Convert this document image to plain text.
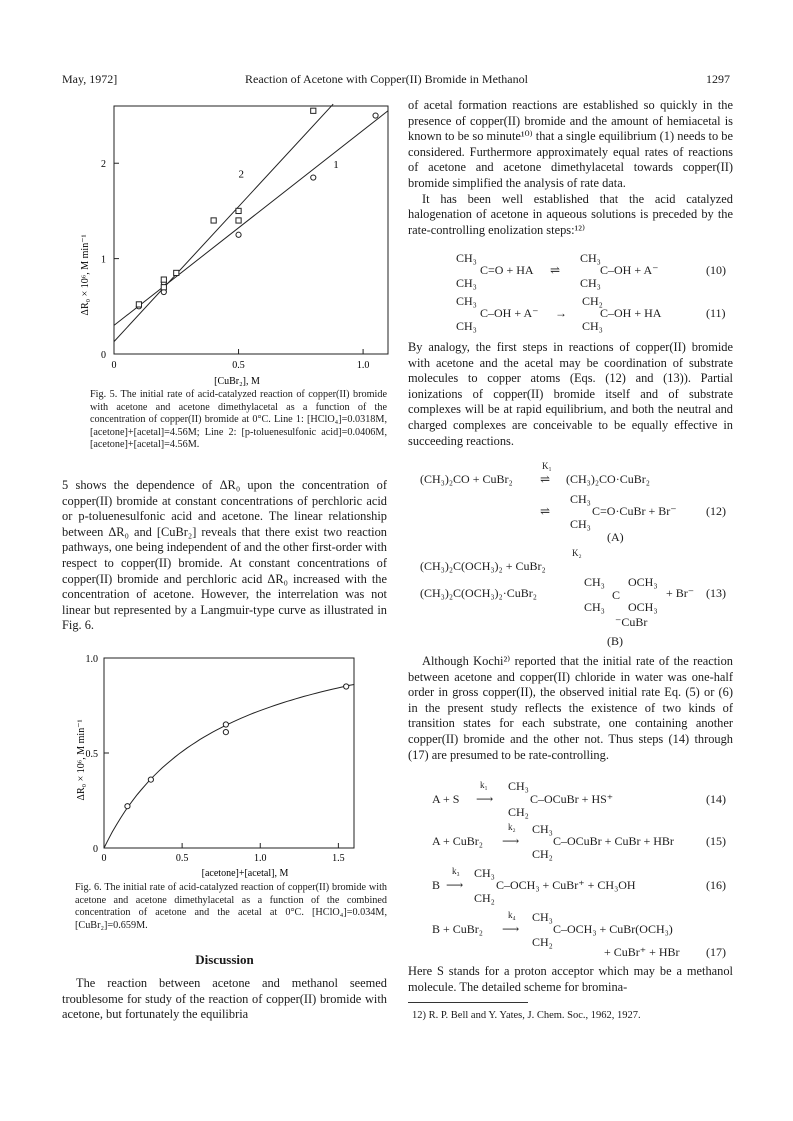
May, 1972]	Reaction of Acetone with Copper(II) Bromide in Methanol	1297
0	0.5	1.0
0
1
2	1
2
ΔR₀ × 10⁶, M min⁻¹
[CuBr₂], M
Fig. 5. The initial rate of acid-catalyzed reaction of copper(II) bromide with acetone and acetone dimethylacetal as a function of the concentration of copper(II) bromide at 0°C. Line 1: [HClO₄]=0.0318M, [acetone]+[acetal]=4.56M; Line 2: [p-toluenesulfonic acid]=0.0406M, [acetone]+[acetal]=4.56M.

5 shows the dependence of ΔR₀ upon the concentration of copper(II) bromide at constant concentrations of perchloric acid or p-toluenesulfonic acid and acetone. The linear relationship between ΔR₀ and [CuBr₂] reveals that there exist two reaction pathways, one being independent of and the other first-order with respect to copper(II) bromide. At constant concentrations of copper(II) bromide and perchloric acid ΔR₀ increased with the concentration of acetone. However, the interrelation was not linear but represented by a Langmuir-type curve as illustrated in Fig. 6.

0	0.5	1.0	1.5
0
0.5
1.0
ΔR₀ × 10⁶, M min⁻¹
[acetone]+[acetal], M
Fig. 6. The initial rate of acid-catalyzed reaction of copper(II) bromide with acetone and acetone dimethylacetal as a function of the combined concentration of acetone and the acetal at 0°C. [HClO₄]=0.034M, [CuBr₂]=0.659M.
Discussion

The reaction between acetone and methanol seemed troublesome for study of the reaction of copper(II) bromide with acetone, but fortunately the equilibria

of acetal formation reactions are established so quickly in the presence of copper(II) bromide and the amount of hemiacetal is known to be so minute¹⁰⁾ that a single equilibrium (1) needs to be considered. Furthermore approximately equal rates of reactions of acetone and acetone dimethylacetal towards copper(II) bromide simplified the analysis of rate data.

It has been well established that the acid catalyzed halogenation of acetone in aqueous solutions is preceded by the rate-controlling enolization steps:¹²⁾

CH₃
C=O + HA
CH₃
⇌
CH₃
C–OH + A⁻
CH₃
(10)
CH₃
C–OH + A⁻
CH₃
→
CH₂
C–OH + HA
CH₃
(11)

By analogy, the first steps in reactions of copper(II) bromide with acetone and the acetal may be coordination of substrate molecules to copper atoms (Eqs. (12) and (13)). Partial ionizations of copper(II) bromide itself and of substrate complexes will be at rapid equilibrium, and both the neutral and charged complexes are conceivable to be equally effective in succeeding reactions.

(CH₃)₂CO + CuBr₂
K₁
⇌ (CH₃)₂CO·CuBr₂
⇌
CH₃
C=O·CuBr + Br⁻
CH₃
(12)
(A)
(CH₃)₂C(OCH₃)₂ + CuBr₂
K₂
(CH₃)₂C(OCH₃)₂·CuBr₂
CH₃ OCH₃
C
CH₃ OCH₃
⁻CuBr
+ Br⁻ (13)
(B)

Although Kochi²⁾ reported that the initial rate of the reaction between acetone and copper(II) chloride in water was one-half order in gross copper(II), the observed initial rate Eq. (5) or (6) in the present study reflects the existence of two kinds of transition states for each substrate, one containing another copper(II) bromide and the other not. Thus steps (14) through (17) are presumed to be rate-controlling.

A + S
k₁
⟶
CH₃
C–OCuBr + HS⁺
CH₂
(14)
A + CuBr₂
k₂
⟶
CH₃
C–OCuBr + CuBr + HBr
CH₂
(15)
B
k₃
⟶
CH₃
C–OCH₃ + CuBr⁺ + CH₃OH
CH₂
(16)
B + CuBr₂
k₄
⟶
CH₃
C–OCH₃ + CuBr(OCH₃)
CH₂
+ CuBr⁺ + HBr (17)

Here S stands for a proton acceptor which may be a methanol molecule. The detailed scheme for bromina-

12) R. P. Bell and Y. Yates, J. Chem. Soc., 1962, 1927.
